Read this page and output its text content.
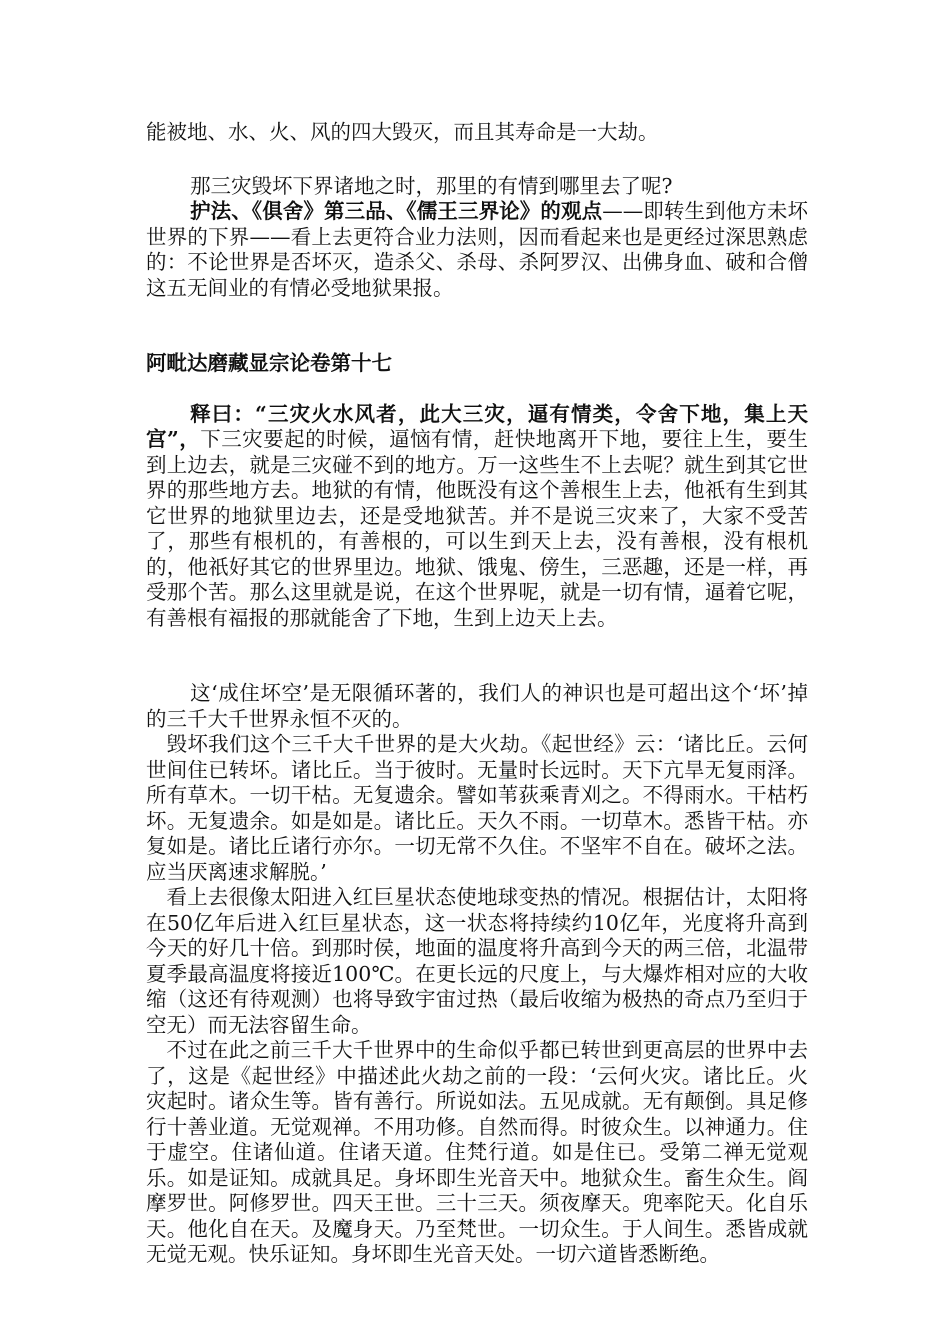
能被地、水、火、风的四大毁灭，而且其寿命是一大劫。

那三灾毁坏下界诸地之时，那里的有情到哪里去了呢?

护法、《俱舍》第三品、《儒王三界论》的观点——即转生到他方未坏世界的下界——看上去更符合业力法则，因而看起来也是更经过深思熟虑的：不论世界是否坏灭，造杀父、杀母、杀阿罗汉、出佛身血、破和合僧这五无间业的有情必受地狱果报。

阿毗达磨藏显宗论卷第十七

释曰：“三灾火水风者，此大三灾，逼有情类，令舍下地，集上天宫”，下三灾要起的时候，逼恼有情，赶快地离开下地，要往上生，要生到上边去，就是三灾碰不到的地方。万一这些生不上去呢？就生到其它世界的那些地方去。地狱的有情，他既没有这个善根生上去，他祇有生到其它世界的地狱里边去，还是受地狱苦。并不是说三灾来了，大家不受苦了，那些有根机的，有善根的，可以生到天上去，没有善根，没有根机的，他祇好其它的世界里边。地狱、饿鬼、傍生，三恶趣，还是一样，再受那个苦。那么这里就是说，在这个世界呢，就是一切有情，逼着它呢，有善根有福报的那就能舍了下地，生到上边天上去。

这‘成住坏空’是无限循环著的，我们人的神识也是可超出这个‘坏’掉的三千大千世界永恒不灭的。

毁坏我们这个三千大千世界的是大火劫。《起世经》云：‘诸比丘。云何世间住已转坏。诸比丘。当于彼时。无量时长远时。天下亢旱无复雨泽。所有草木。一切干枯。无复遗余。譬如苇荻乘青刈之。不得雨水。干枯朽坏。无复遗余。如是如是。诸比丘。天久不雨。一切草木。悉皆干枯。亦复如是。诸比丘诸行亦尔。一切无常不久住。不坚牢不自在。破坏之法。应当厌离速求解脱。’

看上去很像太阳进入红巨星状态使地球变热的情况。根据估计，太阳将在50亿年后进入红巨星状态，这一状态将持续约10亿年，光度将升高到今天的好几十倍。到那时侯，地面的温度将升高到今天的两三倍，北温带夏季最高温度将接近100℃。在更长远的尺度上，与大爆炸相对应的大收缩（这还有待观测）也将导致宇宙过热（最后收缩为极热的奇点乃至归于空无）而无法容留生命。

不过在此之前三千大千世界中的生命似乎都已转世到更高层的世界中去了，这是《起世经》中描述此火劫之前的一段：‘云何火灾。诸比丘。火灾起时。诸众生等。皆有善行。所说如法。五见成就。无有颠倒。具足修行十善业道。无觉观禅。不用功修。自然而得。时彼众生。以神通力。住于虚空。住诸仙道。住诸天道。住梵行道。如是住已。受第二禅无觉观乐。如是证知。成就具足。身坏即生光音天中。地狱众生。畜生众生。阎摩罗世。阿修罗世。四天王世。三十三天。须夜摩天。兜率陀天。化自乐天。他化自在天。及魔身天。乃至梵世。一切众生。于人间生。悉皆成就无觉无观。快乐证知。身坏即生光音天处。一切六道皆悉断绝。
